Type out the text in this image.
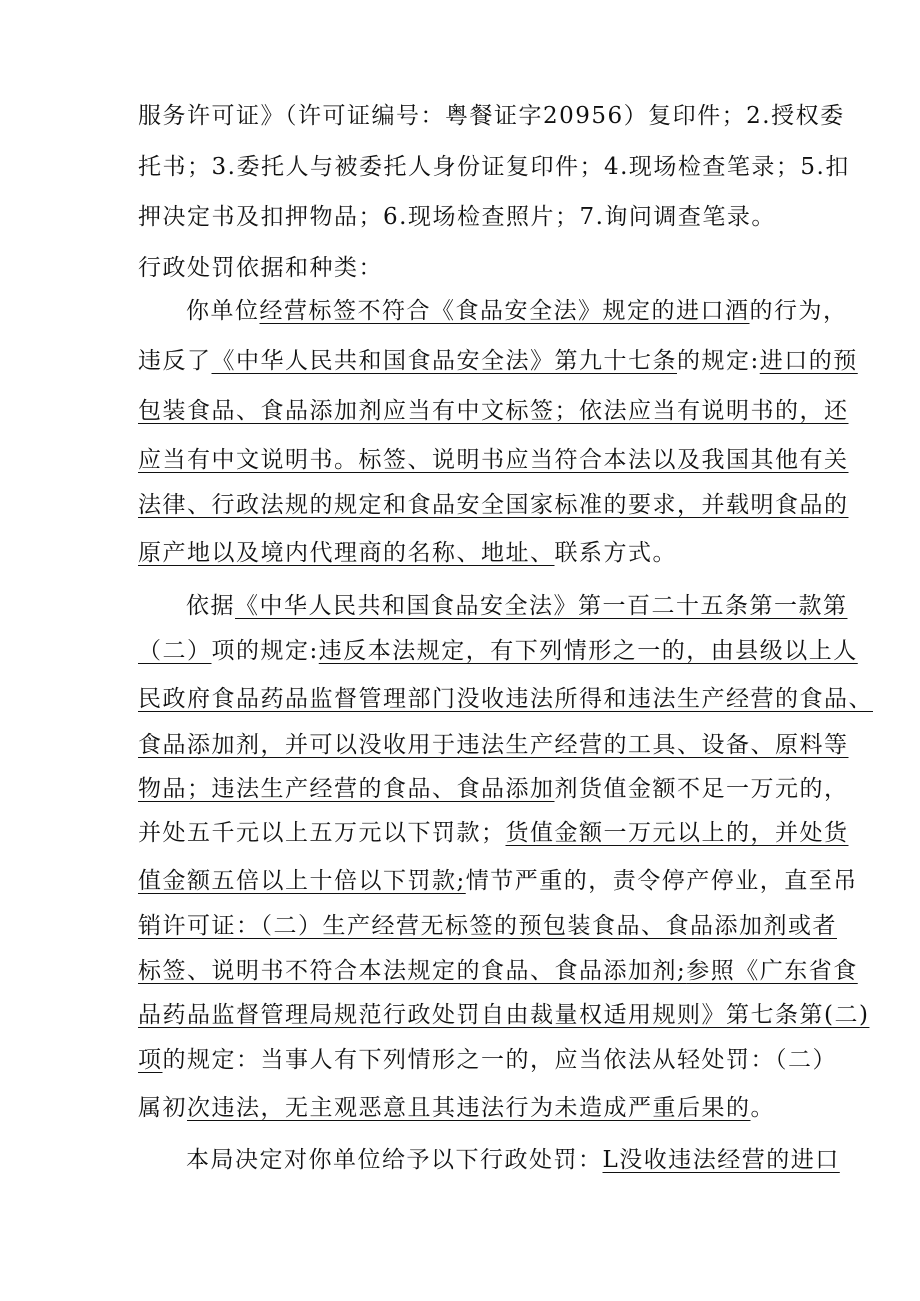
服务许可证》（许可证编号：粤餐证字20956）复印件；2.授权委
托书；3.委托人与被委托人身份证复印件；4.现场检查笔录；5.扣
押决定书及扣押物品；6.现场检查照片；7.询问调查笔录。
行政处罚依据和种类：
你单位经营标签不符合《食品安全法》规定的进口酒的行为，
违反了《中华人民共和国食品安全法》第九十七条的规定:进口的预
包装食品、食品添加剂应当有中文标签；依法应当有说明书的，还
应当有中文说明书。标签、说明书应当符合本法以及我国其他有关
法律、行政法规的规定和食品安全国家标准的要求，并载明食品的
原产地以及境内代理商的名称、地址、联系方式。
依据《中华人民共和国食品安全法》第一百二十五条第一款第
（二）项的规定:违反本法规定，有下列情形之一的，由县级以上人
民政府食品药品监督管理部门没收违法所得和违法生产经营的食品、
食品添加剂，并可以没收用于违法生产经营的工具、设备、原料等
物品；违法生产经营的食品、食品添加剂货值金额不足一万元的，
并处五千元以上五万元以下罚款；货值金额一万元以上的，并处货
值金额五倍以上十倍以下罚款;情节严重的，责令停产停业，直至吊
销许可证：（二）生产经营无标签的预包装食品、食品添加剂或者
标签、说明书不符合本法规定的食品、食品添加剂;参照《广东省食
品药品监督管理局规范行政处罚自由裁量权适用规则》第七条第(二)
项的规定：当事人有下列情形之一的，应当依法从轻处罚：（二）
属初次违法，无主观恶意且其违法行为未造成严重后果的。
本局决定对你单位给予以下行政处罚：L没收违法经营的进口
